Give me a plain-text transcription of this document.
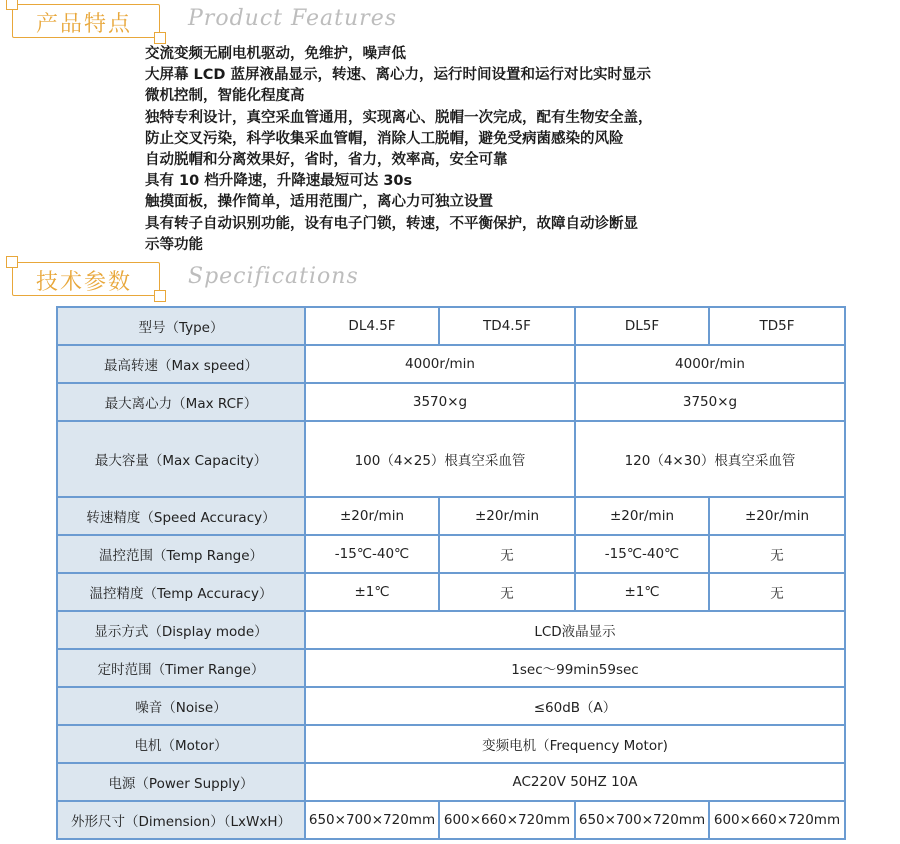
产品特点	Product Features
交流变频无刷电机驱动，免维护，噪声低
大屏幕 LCD 蓝屏液晶显示，转速、离心力，运行时间设置和运行对比实时显示
微机控制，智能化程度高
独特专利设计，真空采血管通用，实现离心、脱帽一次完成，配有生物安全盖，
防止交叉污染，科学收集采血管帽，消除人工脱帽，避免受病菌感染的风险
自动脱帽和分离效果好，省时，省力，效率高，安全可靠
具有 10 档升降速，升降速最短可达 30s
触摸面板，操作简单，适用范围广，离心力可独立设置
具有转子自动识别功能，设有电子门锁，转速，不平衡保护，故障自动诊断显
示等功能
技术参数	Specifications
型号（Type）	DL4.5F	TD4.5F	DL5F	TD5F
最高转速（Max speed）	4000r/min		4000r/min	
最大离心力（Max RCF）	3570×g		3750×g	
最大容量（Max Capacity）	100（4×25）根真空采血管		120（4×30）根真空采血管	
转速精度（Speed Accuracy）	±20r/min	±20r/min	±20r/min	±20r/min
温控范围（Temp Range）	-15℃-40℃	无	-15℃-40℃	无
温控精度（Temp Accuracy）	±1℃	无	±1℃	无
显示方式（Display mode）	LCD液晶显示			
定时范围（Timer Range）	1sec～99min59sec			
噪音（Noise）	≤60dB（A）			
电机（Motor）	变频电机（Frequency Motor)			
电源（Power Supply）	AC220V 50HZ 10A			
外形尺寸（Dimension）（LxWxH）	650×700×720mm	600×660×720mm	650×700×720mm	600×660×720mm
